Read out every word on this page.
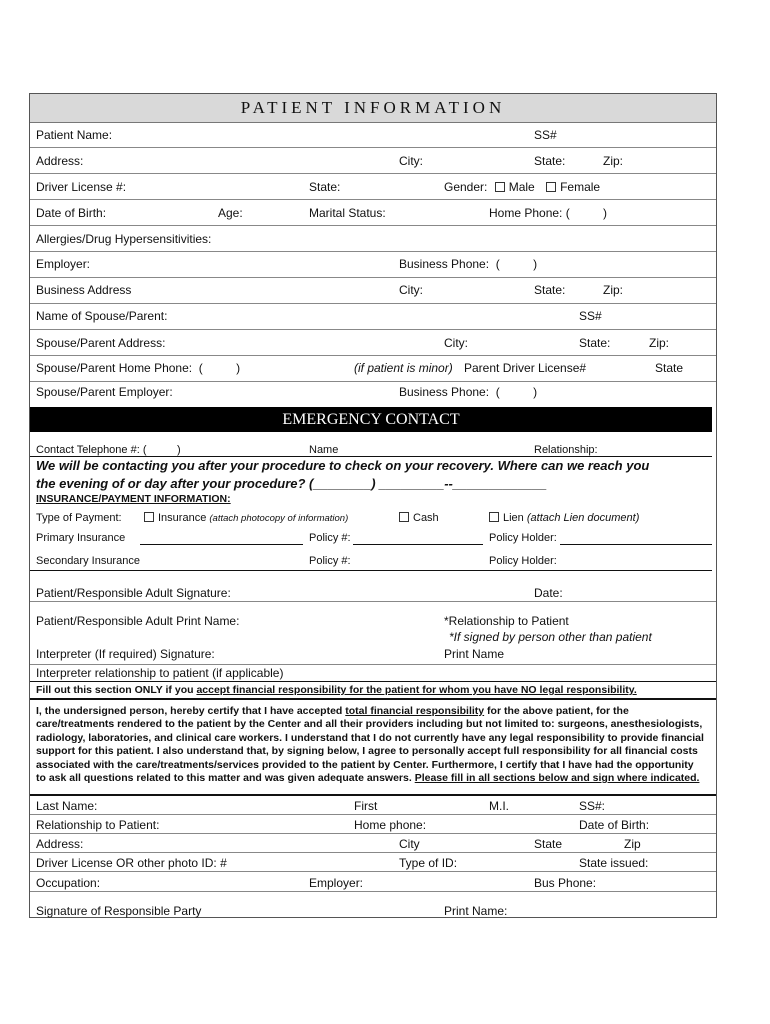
PATIENT INFORMATION
Patient Name:	SS#
Address:	City:	State:	Zip:
Driver License #:	State:	Gender: Male Female
Date of Birth:	Age:	Marital Status:	Home Phone: (          )
Allergies/Drug Hypersensitivities:
Employer:	Business Phone:  (          )
Business Address	City:	State:	Zip:
Name of Spouse/Parent:	SS#
Spouse/Parent Address:	City:	State:	Zip:
Spouse/Parent Home Phone:  (          )	(if patient is minor) Parent Driver License#	State
Spouse/Parent Employer:	Business Phone:  (          )
EMERGENCY CONTACT
Contact Telephone #: (          )	Name	Relationship:
We will be contacting you after your procedure to check on your recovery. Where can we reach you
the evening of or day after your procedure? (________) _________--_____________
INSURANCE/PAYMENT INFORMATION:
Type of Payment:	Insurance (attach photocopy of information)	Cash	Lien (attach Lien document)
Primary Insurance	Policy #:	Policy Holder:
Secondary Insurance	Policy #:	Policy Holder:
Patient/Responsible Adult Signature:	Date:
Patient/Responsible Adult Print Name:	*Relationship to Patient
*If signed by person other than patient
Interpreter (If required) Signature:	Print Name
Interpreter relationship to patient (if applicable)
Fill out this section ONLY if you accept financial responsibility for the patient for whom you have NO legal responsibility.
I, the undersigned person, hereby certify that I have accepted total financial responsibility for the above patient, for the care/treatments rendered to the patient by the Center and all their providers including but not limited to: surgeons, anesthesiologists, radiology, laboratories, and clinical care workers. I understand that I do not currently have any legal responsibility to provide financial support for this patient. I also understand that, by signing below, I agree to personally accept full responsibility for all financial costs associated with the care/treatments/services provided to the patient by Center. Furthermore, I certify that I have had the opportunity to ask all questions related to this matter and was given adequate answers. Please fill in all sections below and sign where indicated.
Last Name:	First	M.I.	SS#:
Relationship to Patient:	Home phone:	Date of Birth:
Address:	City	State	Zip
Driver License OR other photo ID: #	Type of ID:	State issued:
Occupation:	Employer:	Bus Phone:
Signature of Responsible Party	Print Name:
